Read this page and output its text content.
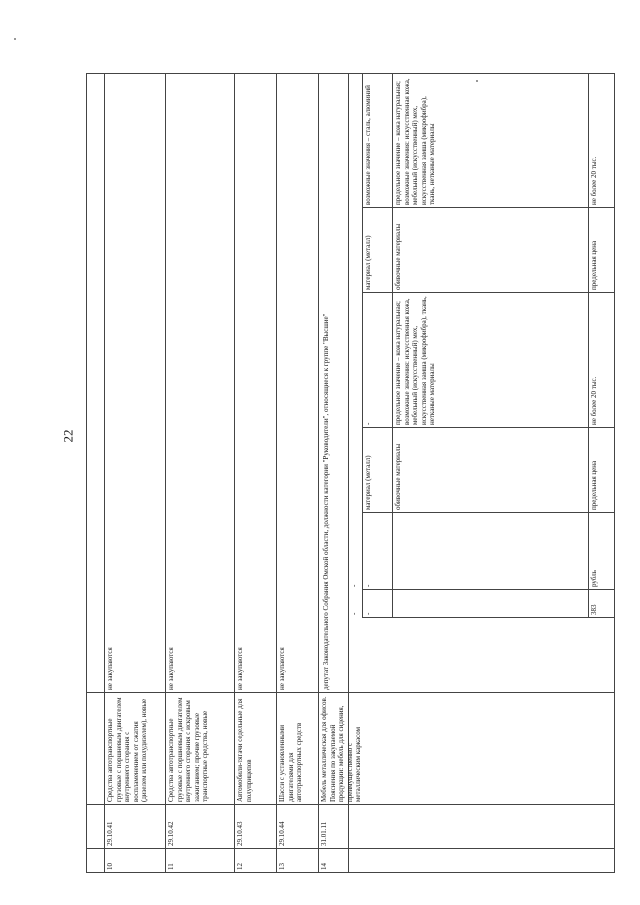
22
10
29.10.41
Средства автотранспортные грузовые с поршневым двигателем внутреннего сгорания с воспламенением от сжатия (дизелем или полудизелем), новые
не закупаются
11
29.10.42
Средства автотранспортные грузовые с поршневым двигателем внутреннего сгорания с искровым зажиганием; прочие грузовые транспортные средства, новые
не закупаются
12
29.10.43
Автомобили-тягачи седельные для полуприцепов
не закупаются
13
29.10.44
Шасси с установленными двигателями для автотранспортных средств
не закупаются
14
31.01.11
Мебель металлическая для офисов. Пояснения по закупаемой продукции: мебель для сидения, преимущественно с металлическим каркасом
депутат Законодательного Собрания Омской области, должности категории "Руководители", относящиеся к группе "Высшие"	-
-
-
-
материал (металл)
-
материал (металл)
возможные значения – сталь, алюминий
обивочные материалы
предельное значение – кожа натуральная; возможные значения: искусственная кожа, мебельный (искусственный) мех, искусственная замша (микрофибра), ткань, нетканые материалы
обивочные материалы
предельное значение – кожа натуральная; возможные значения: искусственная кожа, мебельный (искусственный) мех, искусственная замша (микрофибра), ткань, нетканые материалы
383
рубль
предельная цена
не более 20 тыс.
предельная цена
не более 20 тыс.
